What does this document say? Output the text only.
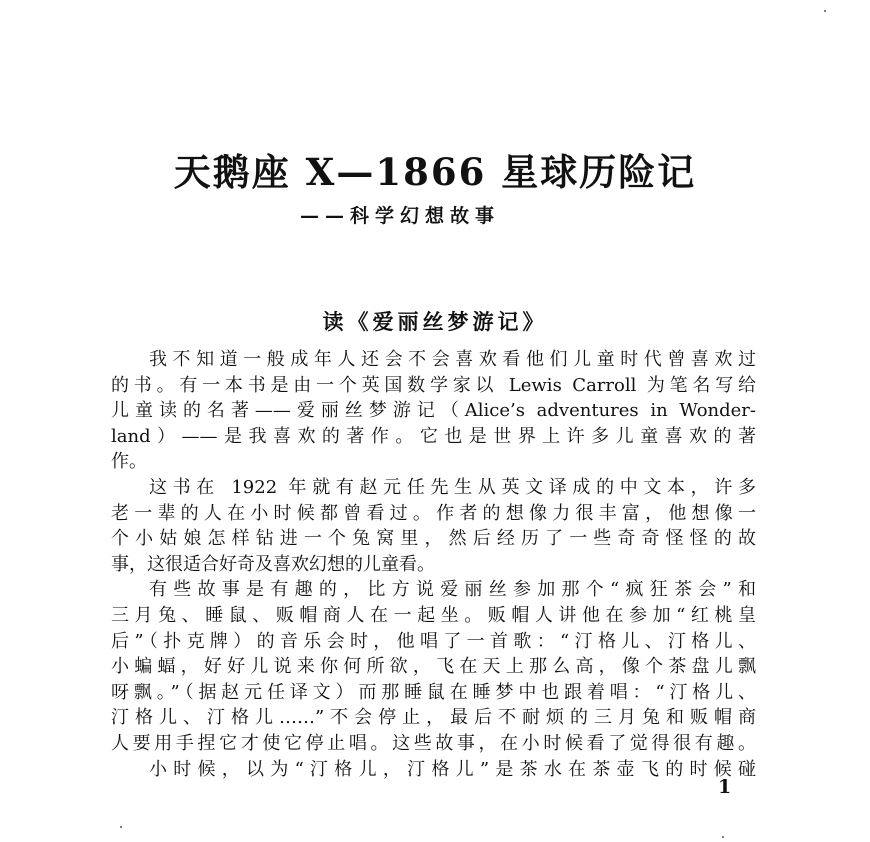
天鹅座 X—1866 星球历险记
——科学幻想故事
读《爱丽丝梦游记》

我不知道一般成年人还会不会喜欢看他们儿童时代曾喜欢过

的书。有一本书是由一个英国数学家以 Lewis Carroll 为笔名写给

儿童读的名著——爱丽丝梦游记（Alice’s adventures in Wonder-

land）——是我喜欢的著作。它也是世界上许多儿童喜欢的著

作。

这书在 1922 年就有赵元任先生从英文译成的中文本，许多

老一辈的人在小时候都曾看过。作者的想像力很丰富，他想像一

个小姑娘怎样钻进一个兔窝里，然后经历了一些奇奇怪怪的故

事，这很适合好奇及喜欢幻想的儿童看。

有些故事是有趣的，比方说爱丽丝参加那个“疯狂茶会”和

三月兔、睡鼠、贩帽商人在一起坐。贩帽人讲他在参加“红桃皇

后”（扑克牌）的音乐会时，他唱了一首歌：“汀格儿、汀格儿、

小蝙蝠，好好儿说来你何所欲，飞在天上那么高，像个茶盘儿飘

呀飘。”（据赵元任译文）而那睡鼠在睡梦中也跟着唱：“汀格儿、

汀格儿、汀格儿……”不会停止，最后不耐烦的三月兔和贩帽商

人要用手捏它才使它停止唱。这些故事，在小时候看了觉得很有趣。

小时候，以为“汀格儿，汀格儿”是茶水在茶壶飞的时候碰

1
